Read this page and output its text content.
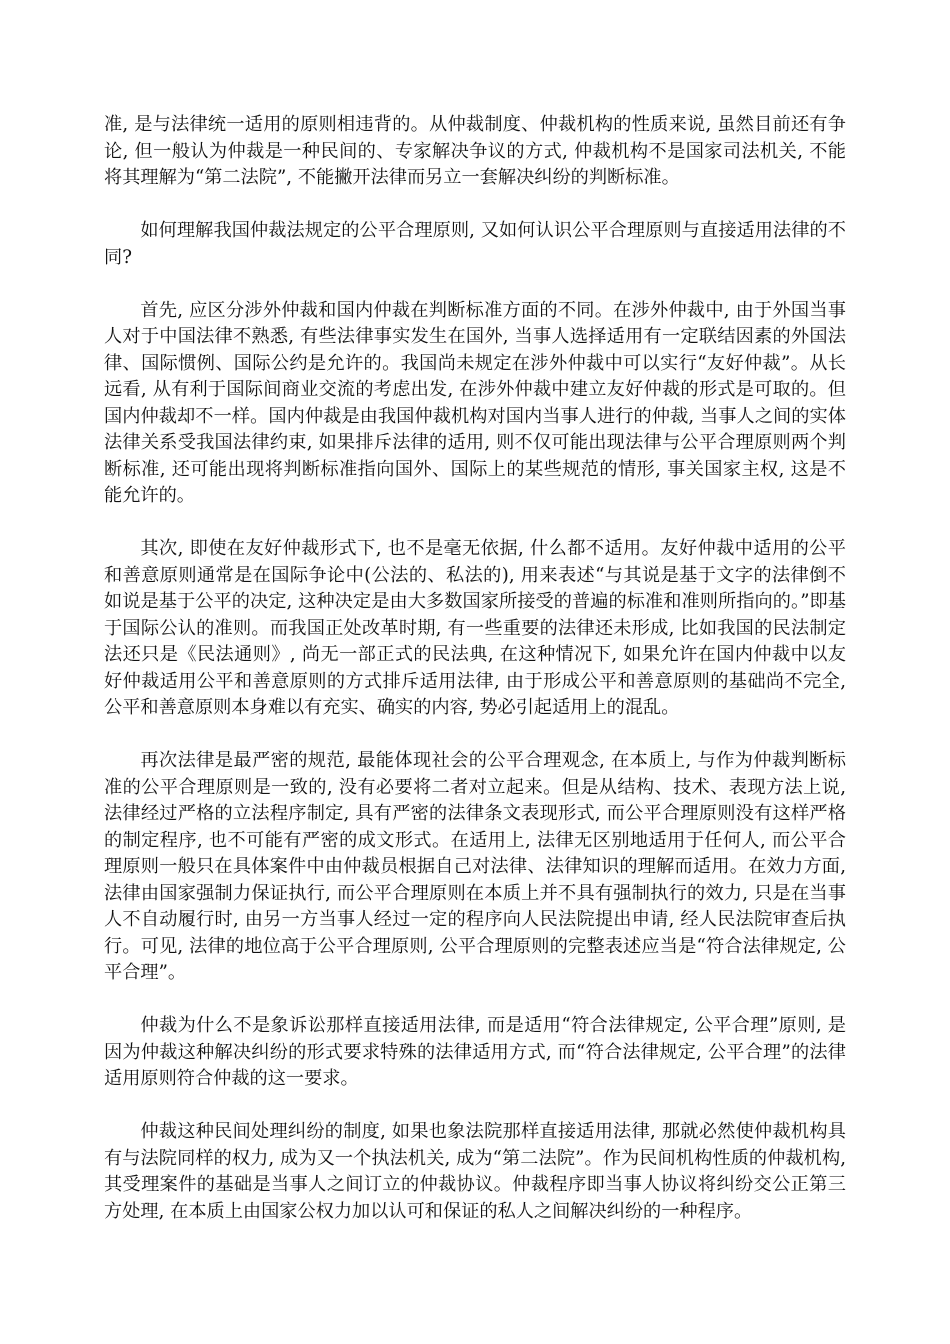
准, 是与法律统一适用的原则相违背的。从仲裁制度、仲裁机构的性质来说, 虽然目前还有争论, 但一般认为仲裁是一种民间的、专家解决争议的方式, 仲裁机构不是国家司法机关, 不能将其理解为“第二法院”, 不能撇开法律而另立一套解决纠纷的判断标准。

如何理解我国仲裁法规定的公平合理原则, 又如何认识公平合理原则与直接适用法律的不同?

首先, 应区分涉外仲裁和国内仲裁在判断标准方面的不同。在涉外仲裁中, 由于外国当事人对于中国法律不熟悉, 有些法律事实发生在国外, 当事人选择适用有一定联结因素的外国法律、国际惯例、国际公约是允许的。我国尚未规定在涉外仲裁中可以实行“友好仲裁”。从长远看, 从有利于国际间商业交流的考虑出发, 在涉外仲裁中建立友好仲裁的形式是可取的。但国内仲裁却不一样。国内仲裁是由我国仲裁机构对国内当事人进行的仲裁, 当事人之间的实体法律关系受我国法律约束, 如果排斥法律的适用, 则不仅可能出现法律与公平合理原则两个判断标准, 还可能出现将判断标准指向国外、国际上的某些规范的情形, 事关国家主权, 这是不能允许的。

其次, 即使在友好仲裁形式下, 也不是毫无依据, 什么都不适用。友好仲裁中适用的公平和善意原则通常是在国际争论中(公法的、私法的), 用来表述“与其说是基于文字的法律倒不如说是基于公平的决定, 这种决定是由大多数国家所接受的普遍的标准和准则所指向的。”即基于国际公认的准则。而我国正处改革时期, 有一些重要的法律还未形成, 比如我国的民法制定法还只是《民法通则》, 尚无一部正式的民法典, 在这种情况下, 如果允许在国内仲裁中以友好仲裁适用公平和善意原则的方式排斥适用法律, 由于形成公平和善意原则的基础尚不完全, 公平和善意原则本身难以有充实、确实的内容, 势必引起适用上的混乱。

再次法律是最严密的规范, 最能体现社会的公平合理观念, 在本质上, 与作为仲裁判断标准的公平合理原则是一致的, 没有必要将二者对立起来。但是从结构、技术、表现方法上说, 法律经过严格的立法程序制定, 具有严密的法律条文表现形式, 而公平合理原则没有这样严格的制定程序, 也不可能有严密的成文形式。在适用上, 法律无区别地适用于任何人, 而公平合理原则一般只在具体案件中由仲裁员根据自己对法律、法律知识的理解而适用。在效力方面, 法律由国家强制力保证执行, 而公平合理原则在本质上并不具有强制执行的效力, 只是在当事人不自动履行时, 由另一方当事人经过一定的程序向人民法院提出申请, 经人民法院审查后执行。可见, 法律的地位高于公平合理原则, 公平合理原则的完整表述应当是“符合法律规定, 公平合理”。

仲裁为什么不是象诉讼那样直接适用法律, 而是适用“符合法律规定, 公平合理”原则, 是因为仲裁这种解决纠纷的形式要求特殊的法律适用方式, 而“符合法律规定, 公平合理”的法律适用原则符合仲裁的这一要求。

仲裁这种民间处理纠纷的制度, 如果也象法院那样直接适用法律, 那就必然使仲裁机构具有与法院同样的权力, 成为又一个执法机关, 成为“第二法院”。作为民间机构性质的仲裁机构, 其受理案件的基础是当事人之间订立的仲裁协议。仲裁程序即当事人协议将纠纷交公正第三方处理, 在本质上由国家公权力加以认可和保证的私人之间解决纠纷的一种程序。
